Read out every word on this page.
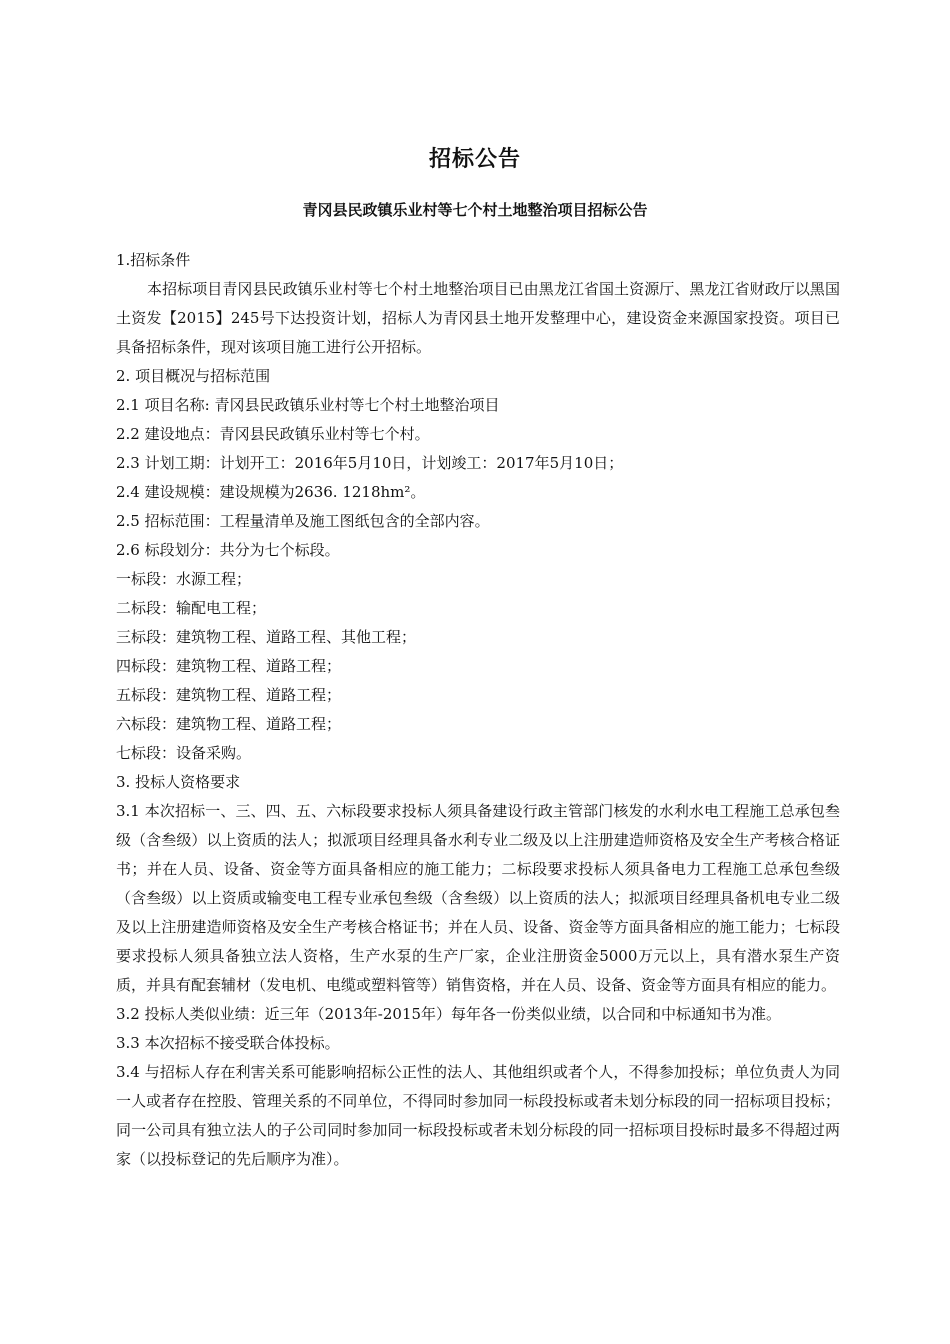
招标公告
青冈县民政镇乐业村等七个村土地整治项目招标公告

1.招标条件

本招标项目青冈县民政镇乐业村等七个村土地整治项目已由黑龙江省国土资源厅、黑龙江省财政厅以黑国土资发【2015】245号下达投资计划，招标人为青冈县土地开发整理中心，建设资金来源国家投资。项目已具备招标条件，现对该项目施工进行公开招标。

2. 项目概况与招标范围

2.1 项目名称: 青冈县民政镇乐业村等七个村土地整治项目

2.2 建设地点：青冈县民政镇乐业村等七个村。

2.3 计划工期：计划开工：2016年5月10日，计划竣工：2017年5月10日；

2.4 建设规模：建设规模为2636. 1218hm²。

2.5 招标范围：工程量清单及施工图纸包含的全部内容。

2.6 标段划分：共分为七个标段。

一标段：水源工程；

二标段：输配电工程；

三标段：建筑物工程、道路工程、其他工程；

四标段：建筑物工程、道路工程；

五标段：建筑物工程、道路工程；

六标段：建筑物工程、道路工程；

七标段：设备采购。

3. 投标人资格要求

3.1 本次招标一、三、四、五、六标段要求投标人须具备建设行政主管部门核发的水利水电工程施工总承包叁级（含叁级）以上资质的法人；拟派项目经理具备水利专业二级及以上注册建造师资格及安全生产考核合格证书；并在人员、设备、资金等方面具备相应的施工能力；二标段要求投标人须具备电力工程施工总承包叁级（含叁级）以上资质或输变电工程专业承包叁级（含叁级）以上资质的法人；拟派项目经理具备机电专业二级及以上注册建造师资格及安全生产考核合格证书；并在人员、设备、资金等方面具备相应的施工能力；七标段要求投标人须具备独立法人资格，生产水泵的生产厂家，企业注册资金5000万元以上，具有潜水泵生产资质，并具有配套辅材（发电机、电缆或塑料管等）销售资格，并在人员、设备、资金等方面具有相应的能力。

3.2 投标人类似业绩：近三年（2013年-2015年）每年各一份类似业绩，以合同和中标通知书为准。

3.3 本次招标不接受联合体投标。

3.4 与招标人存在利害关系可能影响招标公正性的法人、其他组织或者个人，不得参加投标；单位负责人为同一人或者存在控股、管理关系的不同单位，不得同时参加同一标段投标或者未划分标段的同一招标项目投标；同一公司具有独立法人的子公司同时参加同一标段投标或者未划分标段的同一招标项目投标时最多不得超过两家（以投标登记的先后顺序为准）。
